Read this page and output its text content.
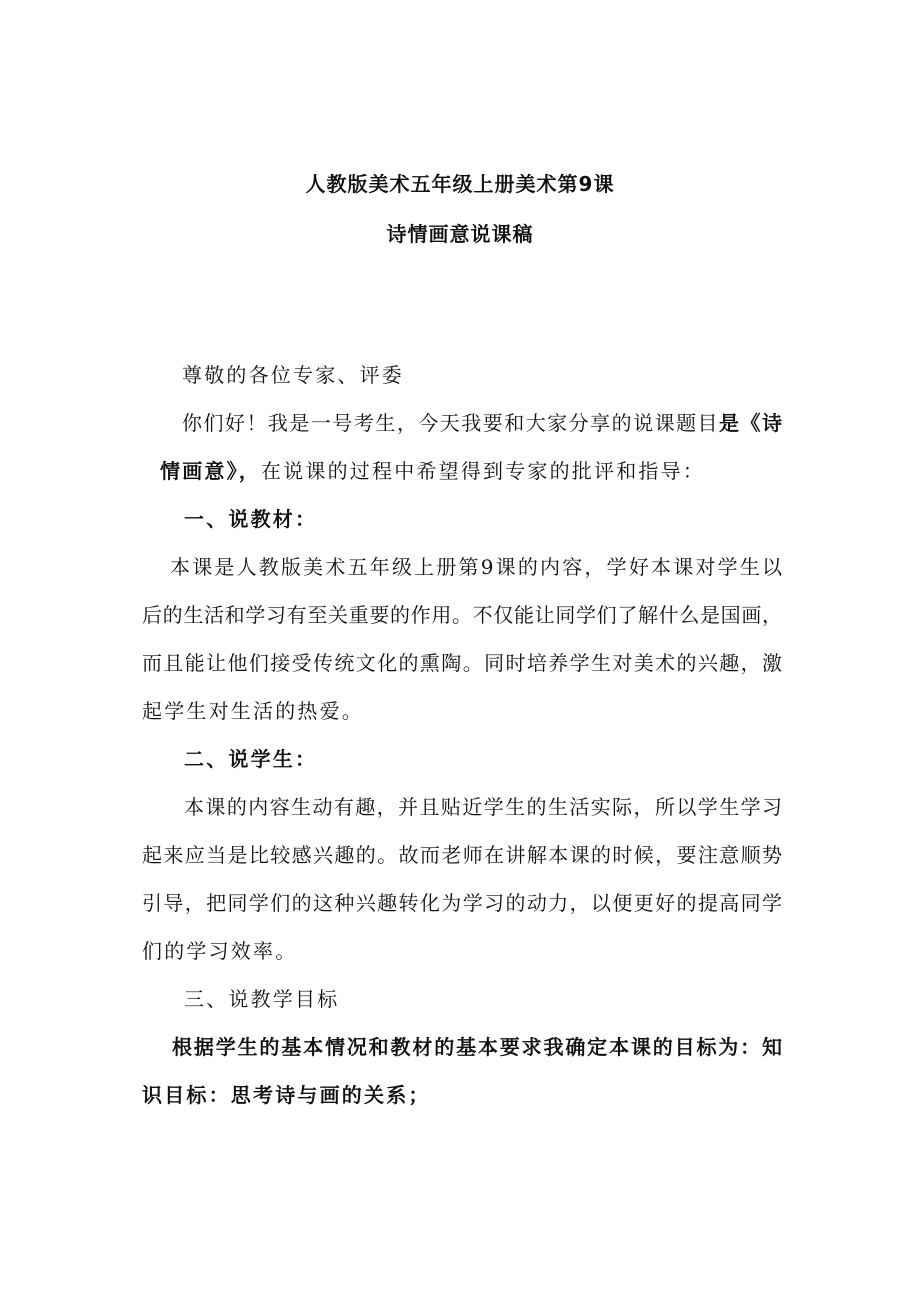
人教版美术五年级上册美术第9课
诗情画意说课稿
尊敬的各位专家、评委
你们好！我是一号考生，今天我要和大家分享的说课题目是《诗
情画意》，在说课的过程中希望得到专家的批评和指导：
一、说教材：
本课是人教版美术五年级上册第9课的内容，学好本课对学生以
后的生活和学习有至关重要的作用。不仅能让同学们了解什么是国画，
而且能让他们接受传统文化的熏陶。同时培养学生对美术的兴趣，激
起学生对生活的热爱。
二、说学生：
本课的内容生动有趣，并且贴近学生的生活实际，所以学生学习
起来应当是比较感兴趣的。故而老师在讲解本课的时候，要注意顺势
引导，把同学们的这种兴趣转化为学习的动力，以便更好的提高同学
们的学习效率。
三、说教学目标
根据学生的基本情况和教材的基本要求我确定本课的目标为：知
识目标：思考诗与画的关系；
